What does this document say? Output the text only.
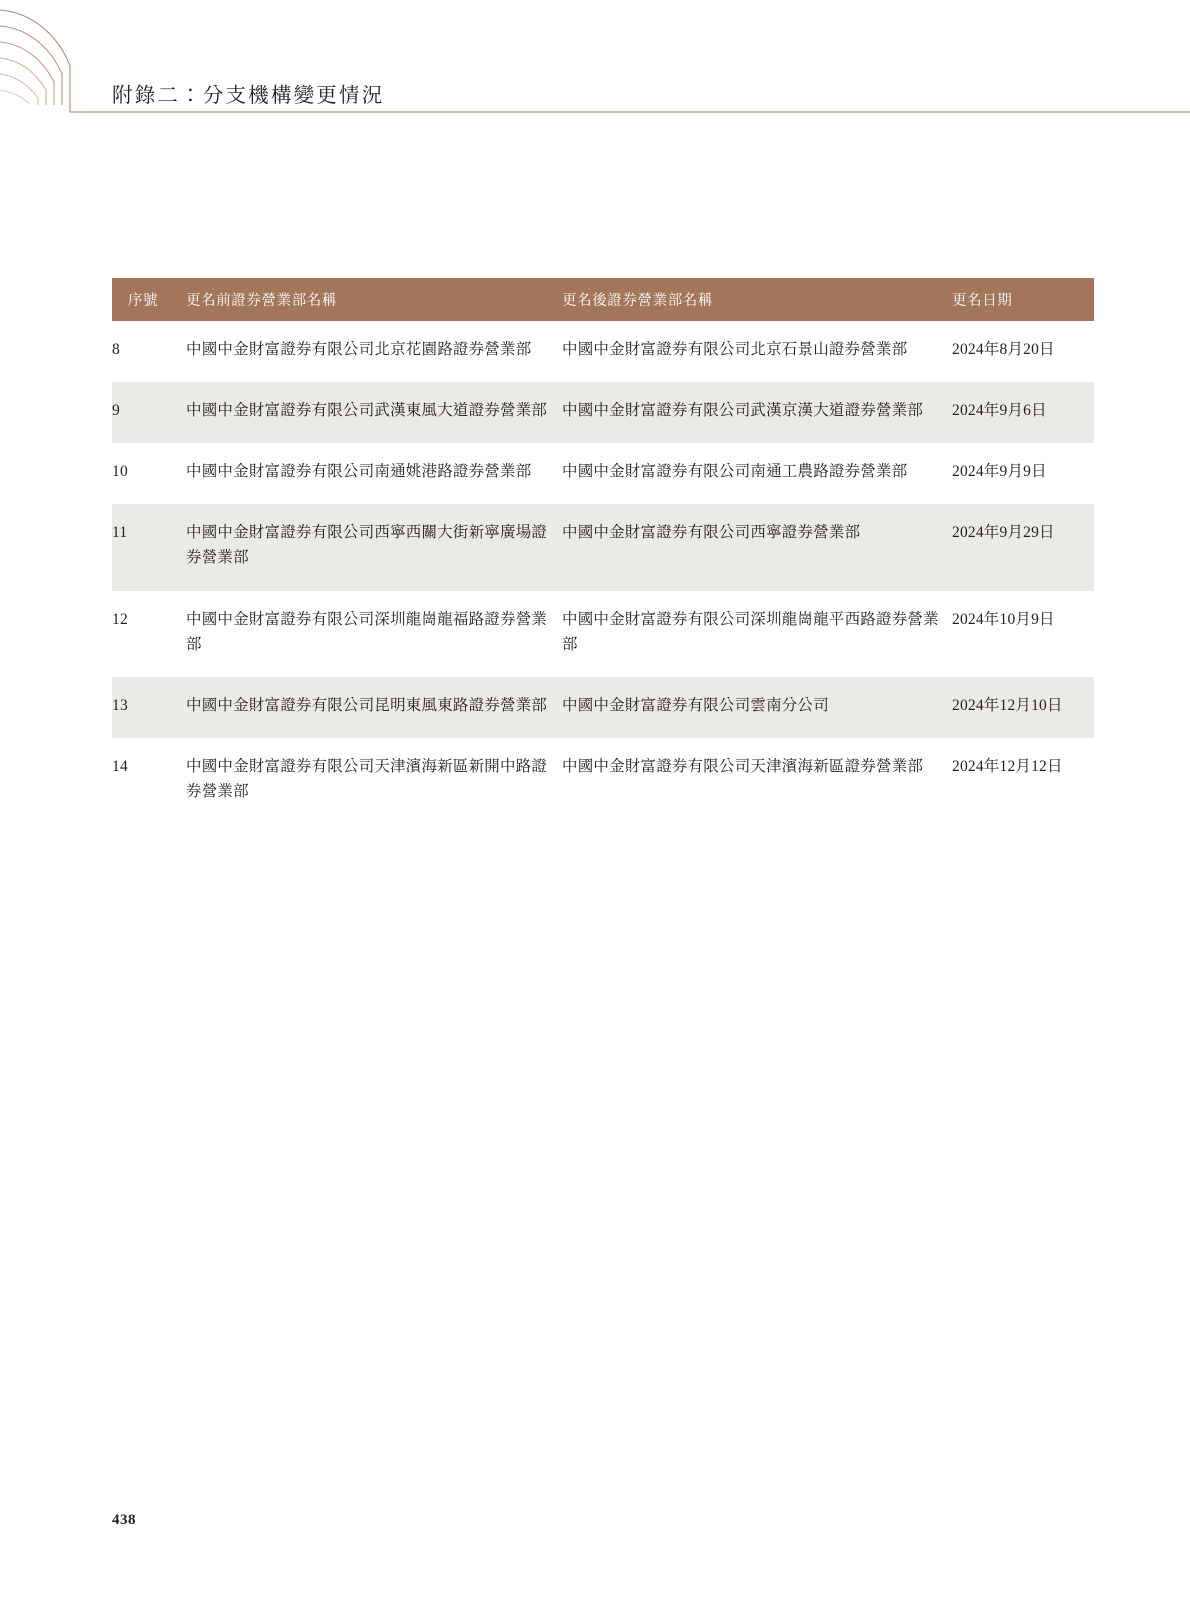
附錄二：分支機構變更情況
序號	更名前證券營業部名稱	更名後證券營業部名稱	更名日期
8	中國中金財富證券有限公司北京花園路證券營業部	中國中金財富證券有限公司北京石景山證券營業部	2024年8月20日
9	中國中金財富證券有限公司武漢東風大道證券營業部	中國中金財富證券有限公司武漢京漢大道證券營業部	2024年9月6日
10	中國中金財富證券有限公司南通姚港路證券營業部	中國中金財富證券有限公司南通工農路證券營業部	2024年9月9日
11	中國中金財富證券有限公司西寧西關大街新寧廣場證券營業部	中國中金財富證券有限公司西寧證券營業部	2024年9月29日
12	中國中金財富證券有限公司深圳龍崗龍福路證券營業部	中國中金財富證券有限公司深圳龍崗龍平西路證券營業部	2024年10月9日
13	中國中金財富證券有限公司昆明東風東路證券營業部	中國中金財富證券有限公司雲南分公司	2024年12月10日
14	中國中金財富證券有限公司天津濱海新區新開中路證券營業部	中國中金財富證券有限公司天津濱海新區證券營業部	2024年12月12日
438
